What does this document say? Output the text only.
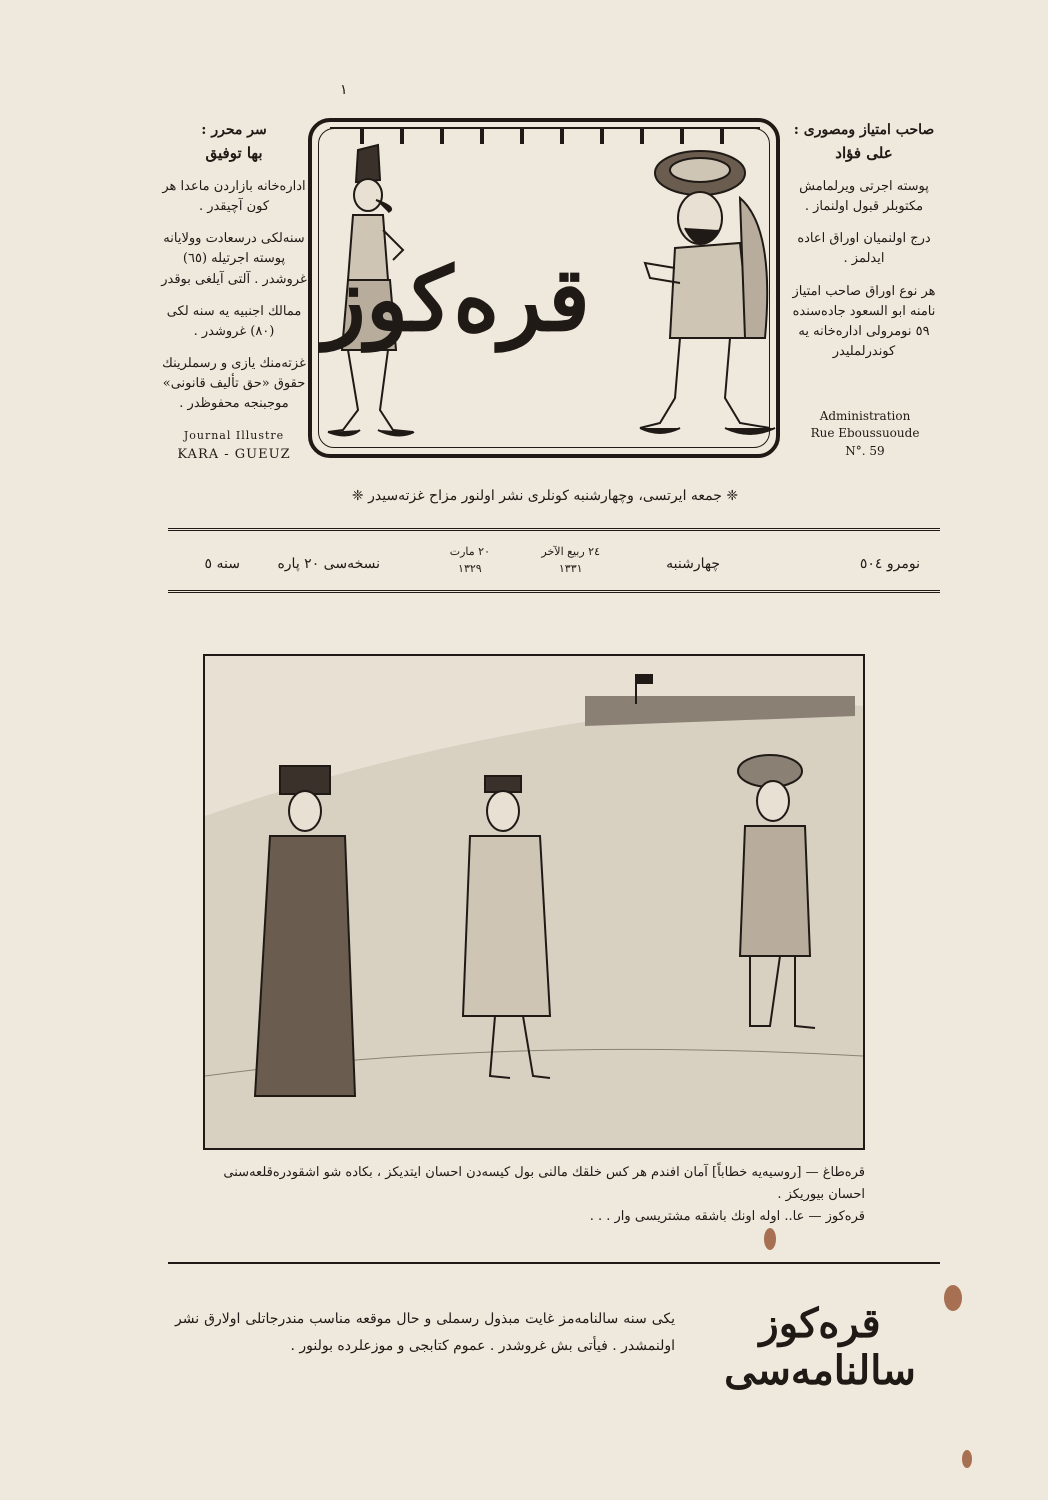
١
سر محرر :
بها توفيق
اداره‌خانه بازاردن ماعدا هر كون آچيقدر .
سنه‌لكى درسعادت وولايانه پوسته اجرتيله (٦٥) غروشدر . آلتى آيلغى بوقدر
ممالك اجنبيه يه سنه لكى (٨٠) غروشدر .
غزته‌منك يازى و رسملرينك حقوق «حق تأليف قانونى» موجبنجه محفوظدر .
Journal Illustre
KARA - GUEUZ
قره‌كوز
صاحب امتياز ومصورى :
على فؤاد
پوسته اجرتى ويرلمامش مكتوبلر قبول اولنماز .
درج اولنميان اوراق اعاده ايدلمز .
هر نوع اوراق صاحب امتياز نامنه ابو السعود جاده‌سنده ٥٩ نومرولى اداره‌خانه يه كوندرلمليدر
Administration
Rue Eboussuoude
N°. 59
❈ جمعه ايرتسى، وچهارشنبه كونلرى نشر اولنور مزاح غزته‌سيدر ❈
نومرو ٥٠٤
چهارشنبه
٢٤ ربيع الآخر
١٣٣١
٢٠ مارت
١٣٢٩
نسخه‌سى ٢٠ پاره
سنه ٥
قره‌طاغ — [روسيه‌يه خطاباً] آمان افندم هر كس خلقك مالنى بول كيسه‌دن احسان ايتديكز ، بكاده شو اشقودره‌قلعه‌سنى
احسان بيوريكز .
قره‌كوز — عا.. اوله اونك باشقه مشتريسى وار . . .
قره‌كوز سالنامه‌سى
يكى سنه سالنامه‌مز غايت مبذول رسملى و حال موقعه مناسب مندرجاتلى اولارق نشر اولنمشدر . فيأتى بش غروشدر . عموم كتابجى و موزعلرده بولنور .
